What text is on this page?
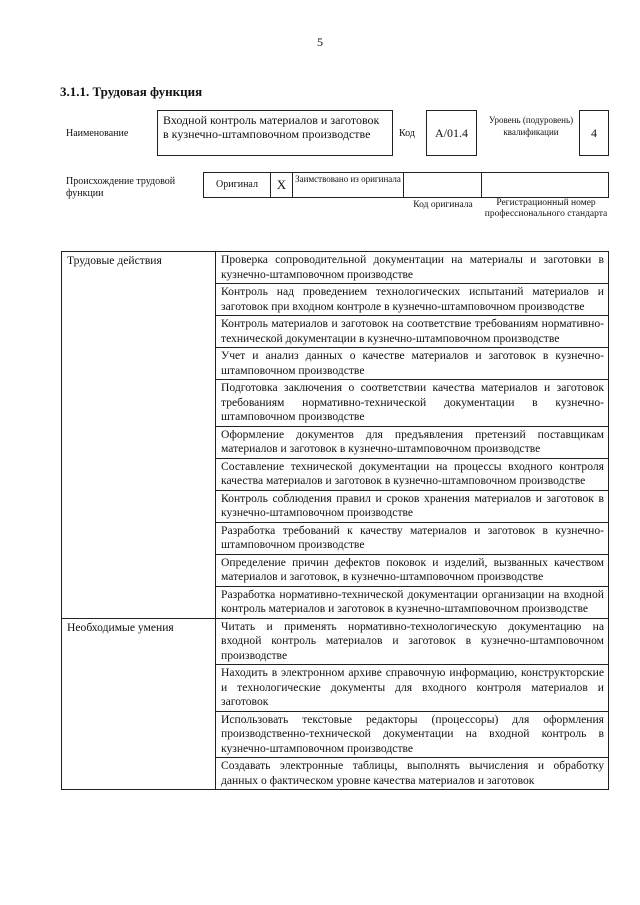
5
3.1.1. Трудовая функция
Наименование
Входной контроль материалов и заготовок в кузнечно-штамповочном производстве	Код	А/01.4
Уровень (подуровень) квалификации	4
Происхождение трудовой функции
Оригинал	X Заимствовано из оригинала
Код оригинала	Регистрационный номер профессионального стандарта
Трудовые действия	Проверка сопроводительной документации на материалы и заготовки в кузнечно-штамповочном производстве
	Контроль над проведением технологических испытаний материалов и заготовок при входном контроле в кузнечно-штамповочном производстве
	Контроль материалов и заготовок на соответствие требованиям нормативно-технической документации в кузнечно-штамповочном производстве
	Учет и анализ данных о качестве материалов и заготовок в кузнечно-штамповочном производстве
	Подготовка заключения о соответствии качества материалов и заготовок требованиям нормативно-технической документации в кузнечно-штамповочном производстве
	Оформление документов для предъявления претензий поставщикам материалов и заготовок в кузнечно-штамповочном производстве
	Составление технической документации на процессы входного контроля качества материалов и заготовок в кузнечно-штамповочном производстве
	Контроль соблюдения правил и сроков хранения материалов и заготовок в кузнечно-штамповочном производстве
	Разработка требований к качеству материалов и заготовок в кузнечно-штамповочном производстве
	Определение причин дефектов поковок и изделий, вызванных качеством материалов и заготовок, в кузнечно-штамповочном производстве
	Разработка нормативно-технической документации организации на входной контроль материалов и заготовок в кузнечно-штамповочном производстве
Необходимые умения	Читать и применять нормативно-технологическую документацию на входной контроль материалов и заготовок в кузнечно-штамповочном производстве
	Находить в электронном архиве справочную информацию, конструкторские и технологические документы для входного контроля материалов и заготовок
	Использовать текстовые редакторы (процессоры) для оформления производственно-технической документации на входной контроль в кузнечно-штамповочном производстве
	Создавать электронные таблицы, выполнять вычисления и обработку данных о фактическом уровне качества материалов и заготовок
